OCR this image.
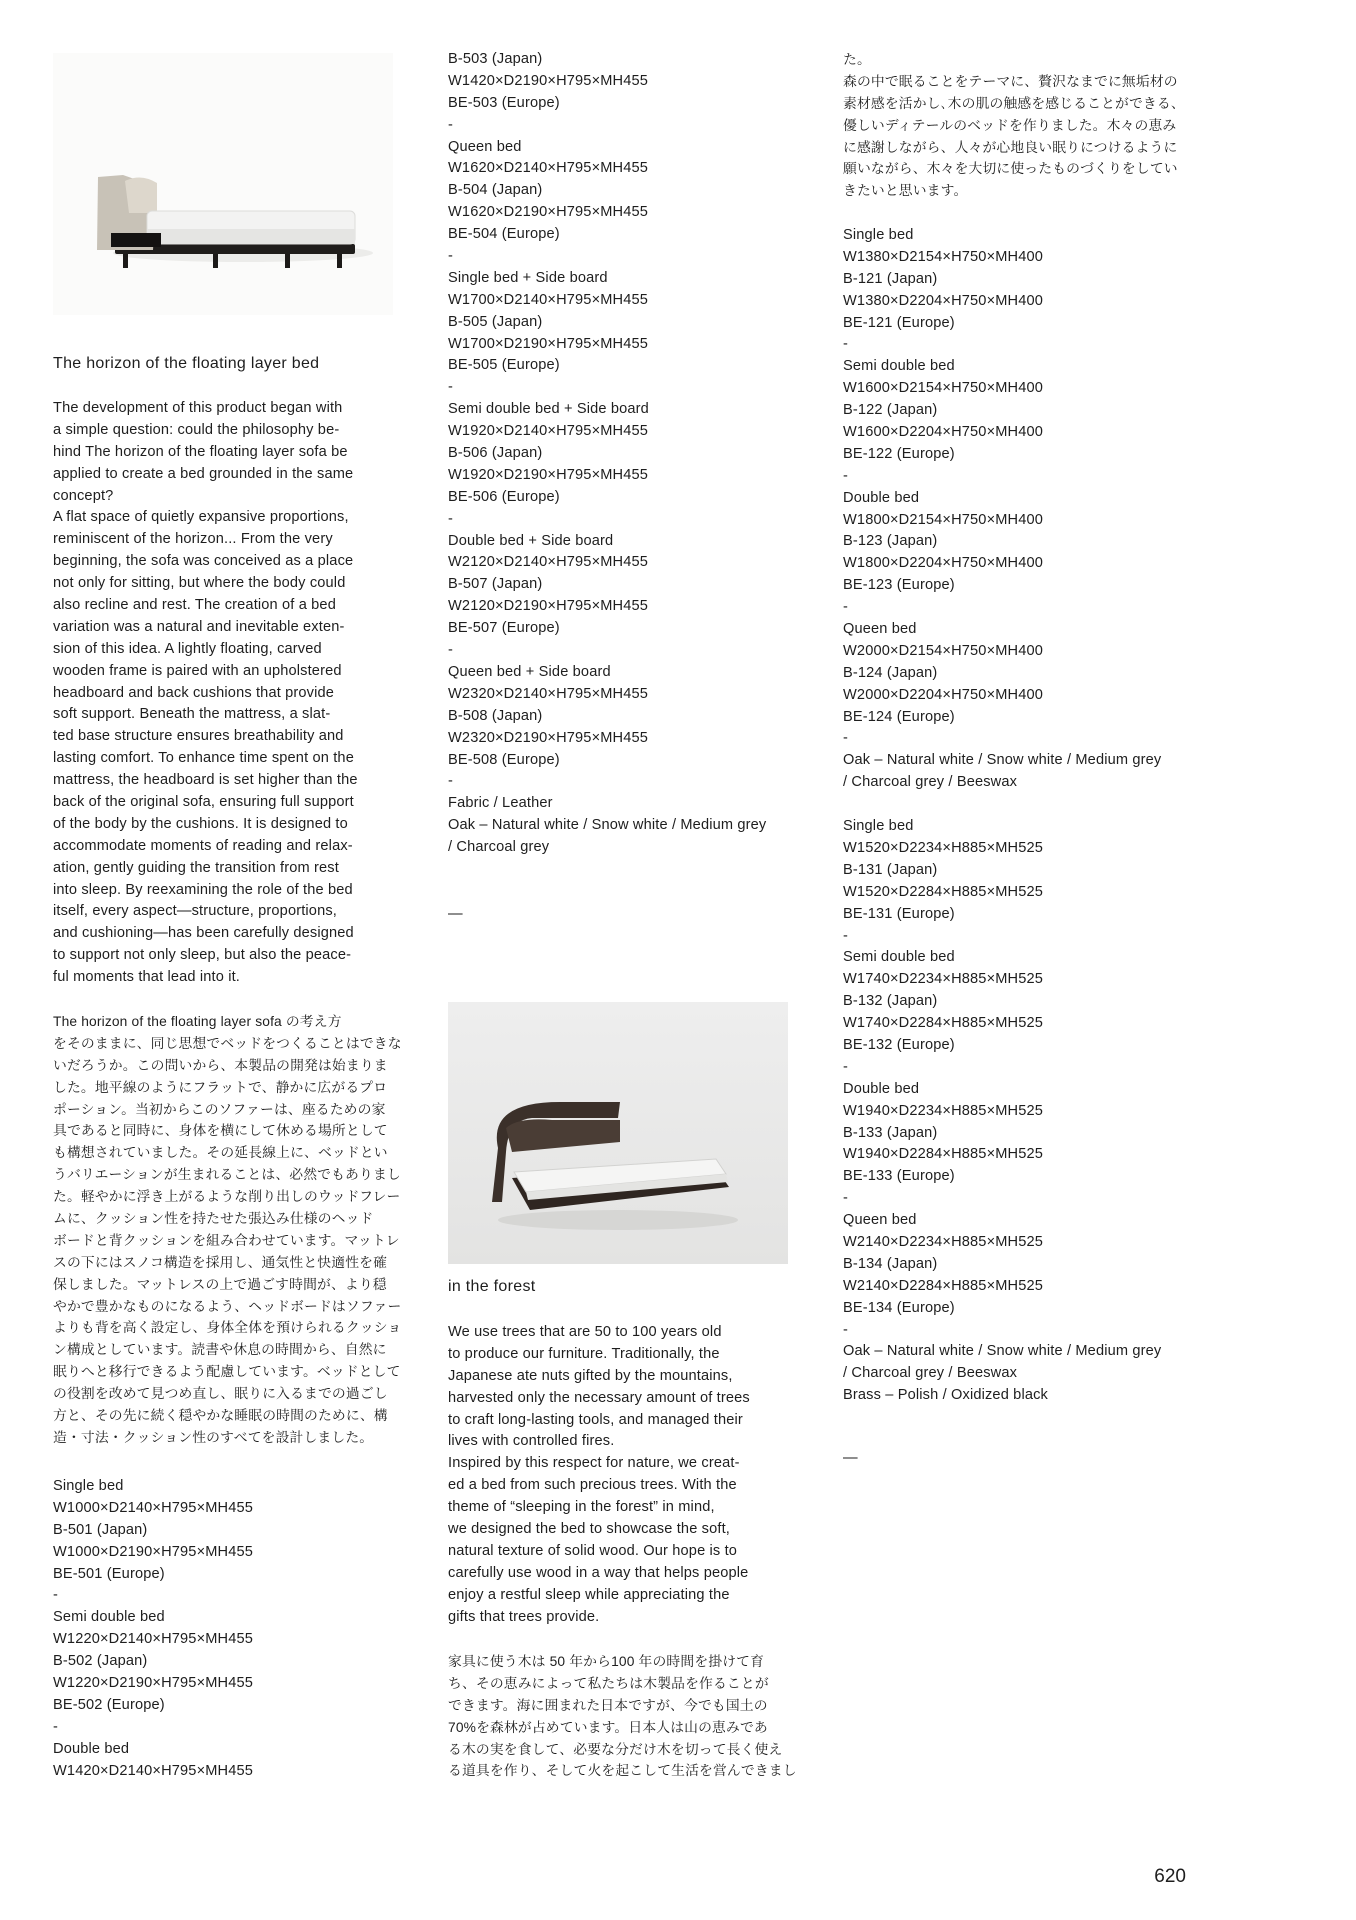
The horizon of the floating layer bed
The development of this product began with
a simple question: could the philosophy be-
hind The horizon of the floating layer sofa be
applied to create a bed grounded in the same
concept?
A flat space of quietly expansive proportions,
reminiscent of the horizon... From the very
beginning, the sofa was conceived as a place
not only for sitting, but where the body could
also recline and rest. The creation of a bed
variation was a natural and inevitable exten-
sion of this idea. A lightly floating, carved
wooden frame is paired with an upholstered
headboard and back cushions that provide
soft support. Beneath the mattress, a slat-
ted base structure ensures breathability and
lasting comfort. To enhance time spent on the
mattress, the headboard is set higher than the
back of the original sofa, ensuring full support
of the body by the cushions. It is designed to
accommodate moments of reading and relax-
ation, gently guiding the transition from rest
into sleep. By reexamining the role of the bed
itself, every aspect—structure, proportions,
and cushioning—has been carefully designed
to support not only sleep, but also the peace-
ful moments that lead into it.
The horizon of the floating layer sofa の考え方
をそのままに、同じ思想でベッドをつくることはできな
いだろうか。この問いから、本製品の開発は始まりま
した。地平線のようにフラットで、静かに広がるプロ
ポーション。当初からこのソファーは、座るための家
具であると同時に、身体を横にして休める場所として
も構想されていました。その延長線上に、ベッドとい
うバリエーションが生まれることは、必然でもありまし
た。軽やかに浮き上がるような削り出しのウッドフレー
ムに、クッション性を持たせた張込み仕様のヘッド
ボードと背クッションを組み合わせています。マットレ
スの下にはスノコ構造を採用し、通気性と快適性を確
保しました。マットレスの上で過ごす時間が、より穏
やかで豊かなものになるよう、ヘッドボードはソファー
よりも背を高く設定し、身体全体を預けられるクッショ
ン構成としています。読書や休息の時間から、自然に
眠りへと移行できるよう配慮しています。ベッドとして
の役割を改めて見つめ直し、眠りに入るまでの過ごし
方と、その先に続く穏やかな睡眠の時間のために、構
造・寸法・クッション性のすべてを設計しました。
Single bed
W1000×D2140×H795×MH455
B-501 (Japan)
W1000×D2190×H795×MH455
BE-501 (Europe)
-
Semi double bed
W1220×D2140×H795×MH455
B-502 (Japan)
W1220×D2190×H795×MH455
BE-502 (Europe)
-
Double bed
W1420×D2140×H795×MH455
B-503 (Japan)
W1420×D2190×H795×MH455
BE-503 (Europe)
-
Queen bed
W1620×D2140×H795×MH455
B-504 (Japan)
W1620×D2190×H795×MH455
BE-504 (Europe)
-
Single bed + Side board
W1700×D2140×H795×MH455
B-505 (Japan)
W1700×D2190×H795×MH455
BE-505 (Europe)
-
Semi double bed + Side board
W1920×D2140×H795×MH455
B-506 (Japan)
W1920×D2190×H795×MH455
BE-506 (Europe)
-
Double bed + Side board
W2120×D2140×H795×MH455
B-507 (Japan)
W2120×D2190×H795×MH455
BE-507 (Europe)
-
Queen bed + Side board
W2320×D2140×H795×MH455
B-508 (Japan)
W2320×D2190×H795×MH455
BE-508 (Europe)
-
Fabric / Leather
Oak – Natural white / Snow white / Medium grey
/ Charcoal grey
—
in the forest
We use trees that are 50 to 100 years old
to produce our furniture. Traditionally, the
Japanese ate nuts gifted by the mountains,
harvested only the necessary amount of trees
to craft long-lasting tools, and managed their
lives with controlled fires.
Inspired by this respect for nature, we creat-
ed a bed from such precious trees. With the
theme of “sleeping in the forest” in mind,
we designed the bed to showcase the soft,
natural texture of solid wood. Our hope is to
carefully use wood in a way that helps people
enjoy a restful sleep while appreciating the
gifts that trees provide.
家具に使う木は 50 年から100 年の時間を掛けて育
ち、その恵みによって私たちは木製品を作ることが
できます。海に囲まれた日本ですが、今でも国土の
70%を森林が占めています。日本人は山の恵みであ
る木の実を食して、必要な分だけ木を切って長く使え
る道具を作り、そして火を起こして生活を営んできまし
た。
森の中で眠ることをテーマに、贅沢なまでに無垢材の
素材感を活かし､木の肌の触感を感じることができる、
優しいディテールのベッドを作りました。木々の恵み
に感謝しながら、人々が心地良い眠りにつけるように
願いながら、木々を大切に使ったものづくりをしてい
きたいと思います。
Single bed
W1380×D2154×H750×MH400
B-121 (Japan)
W1380×D2204×H750×MH400
BE-121 (Europe)
-
Semi double bed
W1600×D2154×H750×MH400
B-122 (Japan)
W1600×D2204×H750×MH400
BE-122 (Europe)
-
Double bed
W1800×D2154×H750×MH400
B-123 (Japan)
W1800×D2204×H750×MH400
BE-123 (Europe)
-
Queen bed
W2000×D2154×H750×MH400
B-124 (Japan)
W2000×D2204×H750×MH400
BE-124 (Europe)
-
Oak – Natural white / Snow white / Medium grey
/ Charcoal grey / Beeswax
Single bed
W1520×D2234×H885×MH525
B-131 (Japan)
W1520×D2284×H885×MH525
BE-131 (Europe)
-
Semi double bed
W1740×D2234×H885×MH525
B-132 (Japan)
W1740×D2284×H885×MH525
BE-132 (Europe)
-
Double bed
W1940×D2234×H885×MH525
B-133 (Japan)
W1940×D2284×H885×MH525
BE-133 (Europe)
-
Queen bed
W2140×D2234×H885×MH525
B-134 (Japan)
W2140×D2284×H885×MH525
BE-134 (Europe)
-
Oak – Natural white / Snow white / Medium grey
/ Charcoal grey / Beeswax
Brass – Polish / Oxidized black
—
620
